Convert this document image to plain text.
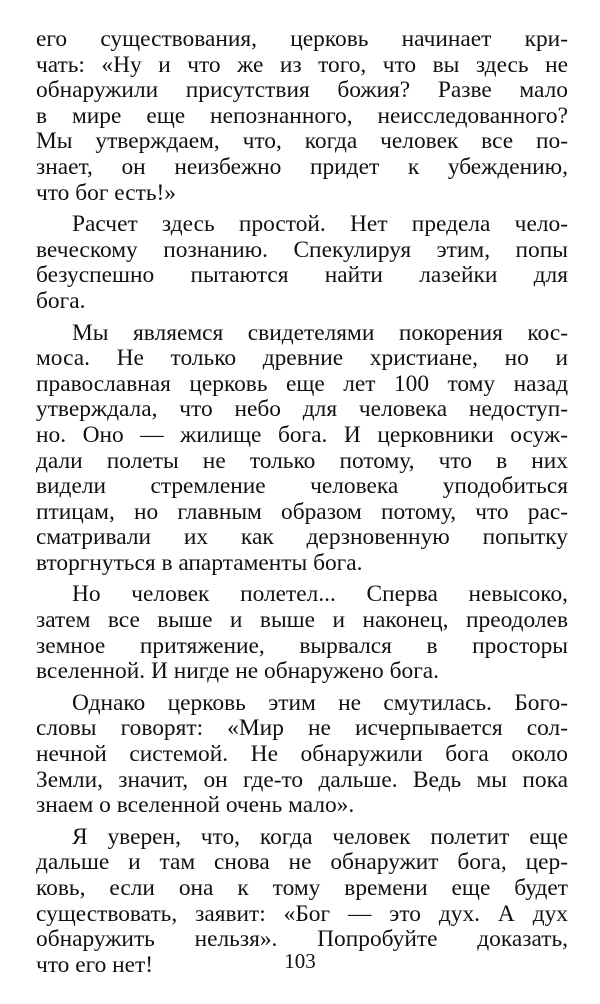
его существования, церковь начинает кри-
чать: «Ну и что же из того, что вы здесь не
обнаружили присутствия божия? Разве мало
в мире еще непознанного, неисследованного?
Мы утверждаем, что, когда человек все по-
знает, он неизбежно придет к убеждению,
что бог есть!»
Расчет здесь простой. Нет предела чело-
веческому познанию. Спекулируя этим, попы
безуспешно пытаются найти лазейки для
бога.
Мы являемся свидетелями покорения кос-
моса. Не только древние христиане, но и
православная церковь еще лет 100 тому назад
утверждала, что небо для человека недоступ-
но. Оно — жилище бога. И церковники осуж-
дали полеты не только потому, что в них
видели стремление человека уподобиться
птицам, но главным образом потому, что рас-
сматривали их как дерзновенную попытку
вторгнуться в апартаменты бога.
Но человек полетел... Сперва невысоко,
затем все выше и выше и наконец, преодолев
земное притяжение, вырвался в просторы
вселенной. И нигде не обнаружено бога.
Однако церковь этим не смутилась. Бого-
словы говорят: «Мир не исчерпывается сол-
нечной системой. Не обнаружили бога около
Земли, значит, он где-то дальше. Ведь мы пока
знаем о вселенной очень мало».
Я уверен, что, когда человек полетит еще
дальше и там снова не обнаружит бога, цер-
ковь, если она к тому времени еще будет
существовать, заявит: «Бог — это дух. А дух
обнаружить нельзя». Попробуйте доказать,
что его нет!	103
